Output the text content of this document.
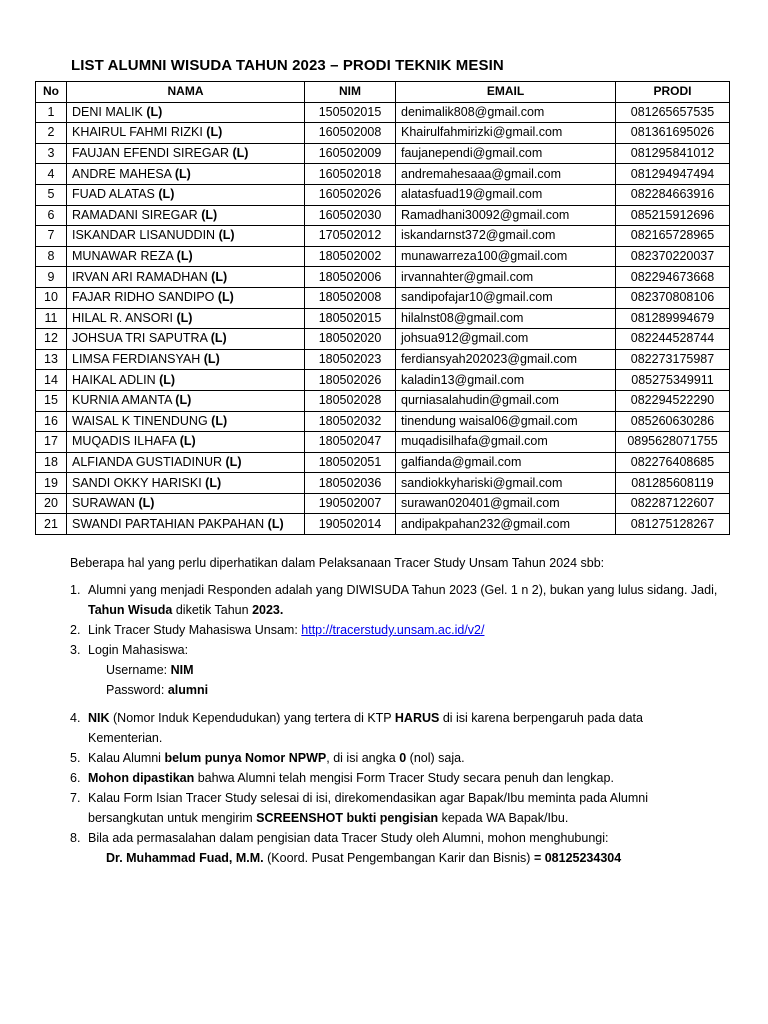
LIST ALUMNI WISUDA TAHUN 2023 – PRODI TEKNIK MESIN
No	NAMA	NIM	EMAIL	PRODI
1	DENI MALIK (L)	150502015	denimalik808@gmail.com	081265657535
2	KHAIRUL FAHMI RIZKI (L)	160502008	Khairulfahmirizki@gmail.com	081361695026
3	FAUJAN EFENDI SIREGAR (L)	160502009	faujanependi@gmail.com	081295841012
4	ANDRE MAHESA (L)	160502018	andremahesaaa@gmail.com	081294947494
5	FUAD ALATAS (L)	160502026	alatasfuad19@gmail.com	082284663916
6	RAMADANI SIREGAR (L)	160502030	Ramadhani30092@gmail.com	085215912696
7	ISKANDAR LISANUDDIN (L)	170502012	iskandarnst372@gmail.com	082165728965
8	MUNAWAR REZA (L)	180502002	munawarreza100@gmail.com	082370220037
9	IRVAN ARI RAMADHAN (L)	180502006	irvannahter@gmail.com	082294673668
10	FAJAR RIDHO SANDIPO (L)	180502008	sandipofajar10@gmail.com	082370808106
11	HILAL R. ANSORI (L)	180502015	hilalnst08@gmail.com	081289994679
12	JOHSUA TRI SAPUTRA (L)	180502020	johsua912@gmail.com	082244528744
13	LIMSA FERDIANSYAH (L)	180502023	ferdiansyah202023@gmail.com	082273175987
14	HAIKAL ADLIN (L)	180502026	kaladin13@gmail.com	085275349911
15	KURNIA AMANTA (L)	180502028	qurniasalahudin@gmail.com	082294522290
16	WAISAL K TINENDUNG (L)	180502032	tinendung waisal06@gmail.com	085260630286
17	MUQADIS ILHAFA (L)	180502047	muqadisilhafa@gmail.com	0895628071755
18	ALFIANDA GUSTIADINUR (L)	180502051	galfianda@gmail.com	082276408685
19	SANDI OKKY HARISKI (L)	180502036	sandiokkyhariski@gmail.com	081285608119
20	SURAWAN (L)	190502007	surawan020401@gmail.com	082287122607
21	SWANDI PARTAHIAN PAKPAHAN (L)	190502014	andipakpahan232@gmail.com	081275128267

Beberapa hal yang perlu diperhatikan dalam Pelaksanaan Tracer Study Unsam Tahun 2024 sbb:

1. Alumni yang menjadi Responden adalah yang DIWISUDA Tahun 2023 (Gel. 1 n 2), bukan yang lulus sidang. Jadi,
Tahun Wisuda diketik Tahun 2023.
2. Link Tracer Study Mahasiswa Unsam: http://tracerstudy.unsam.ac.id/v2/
3. Login Mahasiswa:
Username: NIM
Password: alumni
4. NIK (Nomor Induk Kependudukan) yang tertera di KTP HARUS di isi karena berpengaruh pada data
Kementerian.
5. Kalau Alumni belum punya Nomor NPWP, di isi angka 0 (nol) saja.
6. Mohon dipastikan bahwa Alumni telah mengisi Form Tracer Study secara penuh dan lengkap.
7. Kalau Form Isian Tracer Study selesai di isi, direkomendasikan agar Bapak/Ibu meminta pada Alumni
bersangkutan untuk mengirim SCREENSHOT bukti pengisian kepada WA Bapak/Ibu.
8. Bila ada permasalahan dalam pengisian data Tracer Study oleh Alumni, mohon menghubungi:
Dr. Muhammad Fuad, M.M. (Koord. Pusat Pengembangan Karir dan Bisnis) = 08125234304
